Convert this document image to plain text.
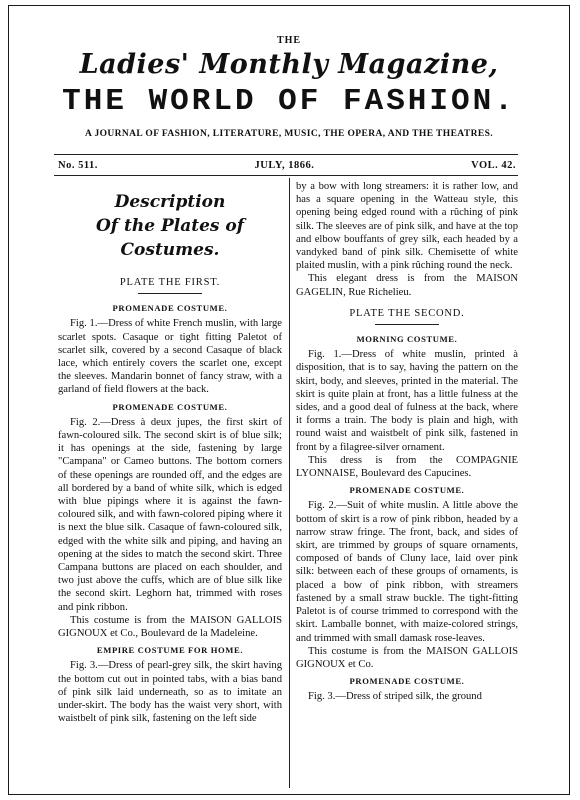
THE
Ladies' Monthly Magazine,
THE WORLD OF FASHION.
A JOURNAL OF FASHION, LITERATURE, MUSIC, THE OPERA, AND THE THEATRES.
No. 511.	JULY, 1866.	VOL. 42.
Description
Of the Plates of Costumes.
PLATE THE FIRST.
PROMENADE COSTUME.

Fig. 1.—Dress of white French muslin, with large scarlet spots. Casaque or tight fitting Paletot of scarlet silk, covered by a second Casaque of black lace, which entirely covers the scarlet one, except the sleeves. Mandarin bonnet of fancy straw, with a garland of field flowers at the back.

PROMENADE COSTUME.

Fig. 2.—Dress à deux jupes, the first skirt of fawn-coloured silk. The second skirt is of blue silk; it has openings at the side, fastening by large "Campana" or Cameo buttons. The bottom corners of these openings are rounded off, and the edges are all bordered by a band of white silk, which is edged with blue pipings where it is against the fawn-coloured silk, and with fawn-colored piping where it is next the blue silk. Casaque of fawn-coloured silk, edged with the white silk and piping, and having an opening at the sides to match the second skirt. Three Campana buttons are placed on each shoulder, and two just above the cuffs, which are of blue silk like the second skirt. Leghorn hat, trimmed with roses and pink ribbon.

This costume is from the MAISON GALLOIS GIGNOUX et Co., Boulevard de la Madeleine.

EMPIRE COSTUME FOR HOME.

Fig. 3.—Dress of pearl-grey silk, the skirt having the bottom cut out in pointed tabs, with a bias band of pink silk laid underneath, so as to imitate an under-skirt. The body has the waist very short, with waistbelt of pink silk, fastening on the left side

by a bow with long streamers: it is rather low, and has a square opening in the Watteau style, this opening being edged round with a rûching of pink silk. The sleeves are of pink silk, and have at the top and elbow bouffants of grey silk, each headed by a vandyked band of pink silk. Chemisette of white plaited muslin, with a pink rûching round the neck.

This elegant dress is from the MAISON GAGELIN, Rue Richelieu.

PLATE THE SECOND.
MORNING COSTUME.

Fig. 1.—Dress of white muslin, printed à disposition, that is to say, having the pattern on the skirt, body, and sleeves, printed in the material. The skirt is quite plain at front, has a little fulness at the sides, and a good deal of fulness at the back, where it forms a train. The body is plain and high, with round waist and waistbelt of pink silk, fastened in front by a filagree-silver ornament.

This dress is from the COMPAGNIE LYONNAISE, Boulevard des Capucines.

PROMENADE COSTUME.

Fig. 2.—Suit of white muslin. A little above the bottom of skirt is a row of pink ribbon, headed by a narrow straw fringe. The front, back, and sides of skirt, are trimmed by groups of square ornaments, composed of bands of Cluny lace, laid over pink silk: between each of these groups of ornaments, is placed a bow of pink ribbon, with streamers fastened by a small straw buckle. The tight-fitting Paletot is of course trimmed to correspond with the skirt. Lamballe bonnet, with maize-colored strings, and trimmed with small damask rose-leaves.

This costume is from the MAISON GALLOIS GIGNOUX et Co.

PROMENADE COSTUME.

Fig. 3.—Dress of striped silk, the ground
